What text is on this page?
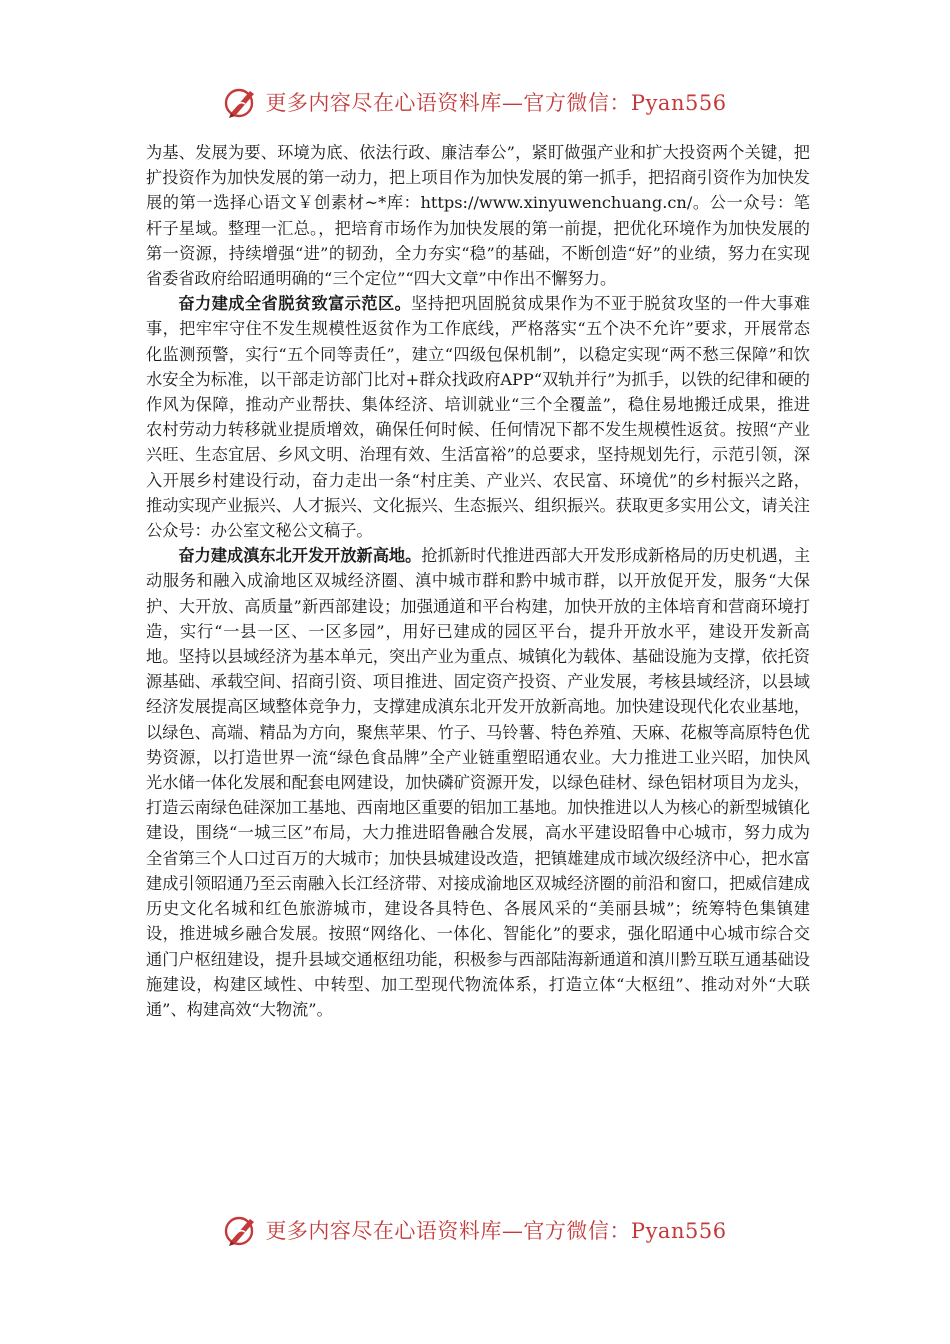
更多内容尽在心语资料库—官方微信：Pyan556

为基、发展为要、环境为底、依法行政、廉洁奉公”，紧盯做强产业和扩大投资两个关键，把扩投资作为加快发展的第一动力，把上项目作为加快发展的第一抓手，把招商引资作为加快发展的第一选择心语文￥创素材~*库：https://www.xinyuwenchuang.cn/。公一众号：笔杆子星域。整理一汇总。，把培育市场作为加快发展的第一前提，把优化环境作为加快发展的第一资源，持续增强“进”的韧劲，全力夯实“稳”的基础，不断创造“好”的业绩，努力在实现省委省政府给昭通明确的“三个定位”“四大文章”中作出不懈努力。

奋力建成全省脱贫致富示范区。坚持把巩固脱贫成果作为不亚于脱贫攻坚的一件大事难事，把牢牢守住不发生规模性返贫作为工作底线，严格落实“五个决不允许”要求，开展常态化监测预警，实行“五个同等责任”，建立“四级包保机制”，以稳定实现“两不愁三保障”和饮水安全为标准，以干部走访部门比对+群众找政府APP“双轨并行”为抓手，以铁的纪律和硬的作风为保障，推动产业帮扶、集体经济、培训就业“三个全覆盖”，稳住易地搬迁成果，推进农村劳动力转移就业提质增效，确保任何时候、任何情况下都不发生规模性返贫。按照“产业兴旺、生态宜居、乡风文明、治理有效、生活富裕”的总要求，坚持规划先行，示范引领，深入开展乡村建设行动，奋力走出一条“村庄美、产业兴、农民富、环境优”的乡村振兴之路，推动实现产业振兴、人才振兴、文化振兴、生态振兴、组织振兴。获取更多实用公文，请关注公众号：办公室文秘公文稿子。

奋力建成滇东北开发开放新高地。抢抓新时代推进西部大开发形成新格局的历史机遇，主动服务和融入成渝地区双城经济圈、滇中城市群和黔中城市群，以开放促开发，服务“大保护、大开放、高质量”新西部建设；加强通道和平台构建，加快开放的主体培育和营商环境打造，实行“一县一区、一区多园”，用好已建成的园区平台，提升开放水平，建设开发新高地。坚持以县域经济为基本单元，突出产业为重点、城镇化为载体、基础设施为支撑，依托资源基础、承载空间、招商引资、项目推进、固定资产投资、产业发展，考核县域经济，以县域经济发展提高区域整体竞争力，支撑建成滇东北开发开放新高地。加快建设现代化农业基地，以绿色、高端、精品为方向，聚焦苹果、竹子、马铃薯、特色养殖、天麻、花椒等高原特色优势资源，以打造世界一流“绿色食品牌”全产业链重塑昭通农业。大力推进工业兴昭，加快风光水储一体化发展和配套电网建设，加快磷矿资源开发，以绿色硅材、绿色铝材项目为龙头，打造云南绿色硅深加工基地、西南地区重要的铝加工基地。加快推进以人为核心的新型城镇化建设，围绕“一城三区”布局，大力推进昭鲁融合发展，高水平建设昭鲁中心城市，努力成为全省第三个人口过百万的大城市；加快县城建设改造，把镇雄建成市域次级经济中心，把水富建成引领昭通乃至云南融入长江经济带、对接成渝地区双城经济圈的前沿和窗口，把威信建成历史文化名城和红色旅游城市，建设各具特色、各展风采的“美丽县城”；统筹特色集镇建设，推进城乡融合发展。按照“网络化、一体化、智能化”的要求，强化昭通中心城市综合交通门户枢纽建设，提升县域交通枢纽功能，积极参与西部陆海新通道和滇川黔互联互通基础设施建设，构建区域性、中转型、加工型现代物流体系，打造立体“大枢纽”、推动对外“大联通”、构建高效“大物流”。

更多内容尽在心语资料库—官方微信：Pyan556
